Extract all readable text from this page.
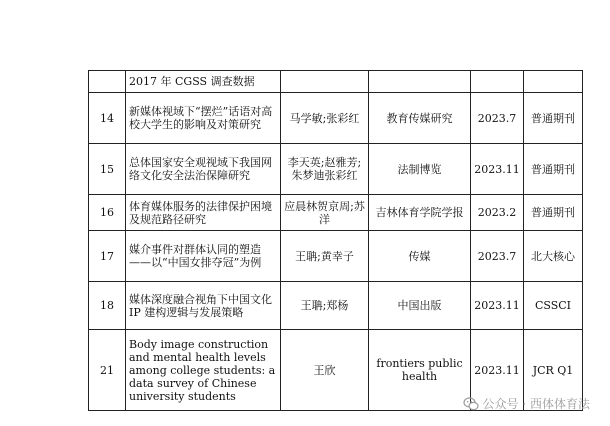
	2017 年 CGSS 调查数据				
14	新媒体视域下“摆烂”话语对高校大学生的影响及对策研究	马学敏;张彩红	教育传媒研究	2023.7	普通期刊
15	总体国家安全观视域下我国网络文化安全法治保障研究	李天英;赵雅芳;朱梦迪张彩红	法制博览	2023.11	普通期刊
16	体育媒体服务的法律保护困境及规范路径研究	应晨林贺京周;苏洋	吉林体育学院学报	2023.2	普通期刊
17	媒介事件对群体认同的塑造——以“中国女排夺冠”为例	王聃;黄幸子	传媒	2023.7	北大核心
18	媒体深度融合视角下中国文化 IP 建构逻辑与发展策略	王聃;郑杨	中国出版	2023.11	CSSCI
21	Body image construction and mental health levels among college students: a data survey of Chinese university students	王欣	frontiers public health	2023.11	JCR Q1
公众号 · 西体体育法
